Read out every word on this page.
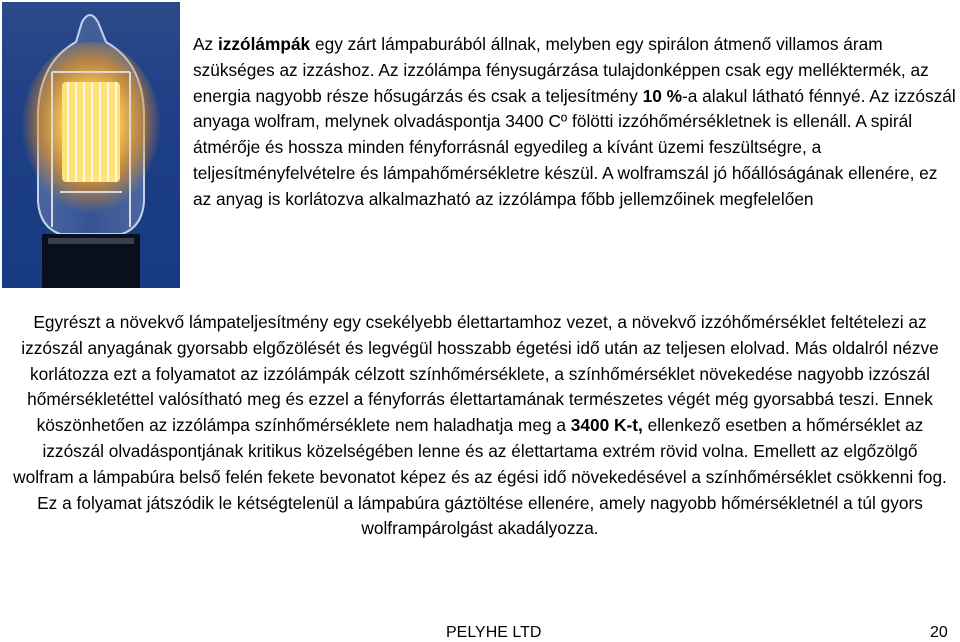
Az izzólámpák egy zárt lámpaburából állnak, melyben egy spirálon átmenő villamos áram szükséges az izzáshoz. Az izzólámpa fénysugárzása tulajdonképpen csak egy melléktermék, az energia nagyobb része hősugárzás és csak a teljesítmény 10 %-a alakul látható fénnyé. Az izzószál anyaga wolfram, melynek olvadáspontja 3400 Cº fölötti izzóhőmérsékletnek is ellenáll. A spirál átmérője és hossza minden fényforrásnál egyedileg a kívánt üzemi feszültségre, a teljesítményfelvételre és lámpahőmérsékletre készül. A wolframszál jó hőállóságának ellenére, ez az anyag is korlátozva alkalmazható az izzólámpa főbb jellemzőinek megfelelően

Egyrészt a növekvő lámpateljesítmény egy csekélyebb élettartamhoz vezet, a növekvő izzóhőmérséklet feltételezi az izzószál anyagának gyorsabb elgőzölését és legvégül hosszabb égetési idő után az teljesen elolvad. Más oldalról nézve korlátozza ezt a folyamatot az izzólámpák célzott színhőmérséklete, a színhőmérséklet növekedése nagyobb izzószál hőmérsékletéttel valósítható meg és ezzel a fényforrás élettartamának természetes végét még gyorsabbá teszi. Ennek köszönhetően az izzólámpa színhőmérséklete nem haladhatja meg a 3400 K-t, ellenkező esetben a hőmérséklet az izzószál olvadáspontjának kritikus közelségében lenne és az élettartama extrém rövid volna. Emellett az elgőzölgő wolfram a lámpabúra belső felén fekete bevonatot képez és az égési idő növekedésével a színhőmérséklet csökkenni fog. Ez a folyamat játszódik le kétségtelenül a lámpabúra gáztöltése ellenére, amely nagyobb hőmérsékletnél a túl gyors wolframpárolgást akadályozza.

PELYHE LTD	20
